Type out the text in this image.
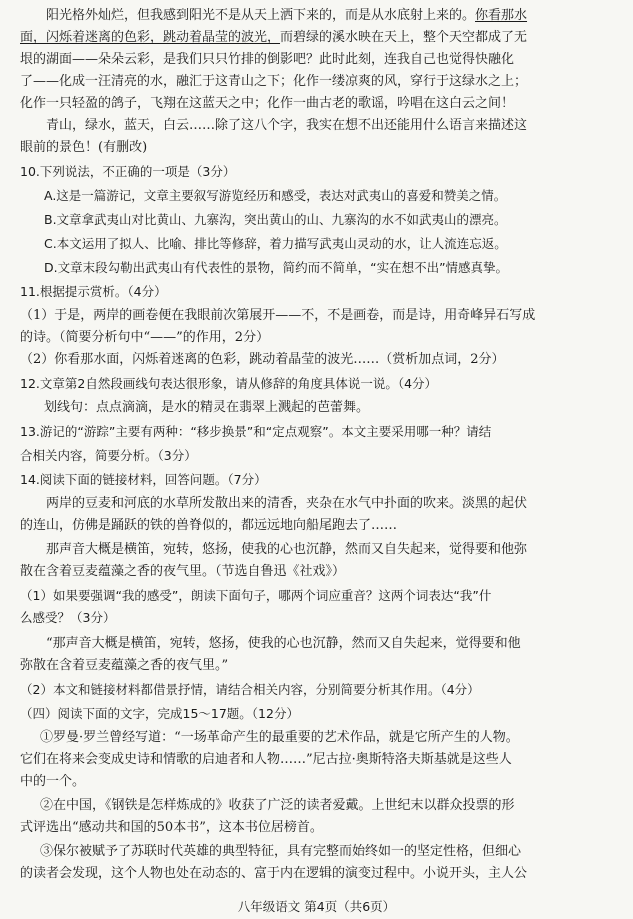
阳光格外灿烂，但我感到阳光不是从天上洒下来的，而是从水底射上来的。你看那水
面，闪烁着迷离的色彩，跳动着晶莹的波光，而碧绿的溪水映在天上，整个天空都成了无
垠的湖面——朵朵云彩，是我们只只竹排的倒影吧？此时此刻，连我自己也觉得快融化
了——化成一汪清亮的水，融汇于这青山之下；化作一缕凉爽的风，穿行于这绿水之上；
化作一只轻盈的鸽子，飞翔在这蓝天之中；化作一曲古老的歌谣，吟唱在这白云之间！
青山，绿水，蓝天，白云……除了这八个字，我实在想不出还能用什么语言来描述这
眼前的景色！(有删改)
10.下列说法，不正确的一项是（3分）
A.这是一篇游记，文章主要叙写游览经历和感受，表达对武夷山的喜爱和赞美之情。
B.文章拿武夷山对比黄山、九寨沟，突出黄山的山、九寨沟的水不如武夷山的漂亮。
C.本文运用了拟人、比喻、排比等修辞，着力描写武夷山灵动的水，让人流连忘返。
D.文章末段勾勒出武夷山有代表性的景物，简约而不简单，“实在想不出”情感真挚。
11.根据提示赏析。（4分）
（1）于是，两岸的画卷便在我眼前次第展开——不，不是画卷，而是诗，用奇峰异石写成
的诗。（简要分析句中“——”的作用，2分）
（2）你看那水面，闪烁着迷离的色彩，跳动着晶莹的波光……（赏析加点词，2分）
12.文章第2自然段画线句表达很形象，请从修辞的角度具体说一说。（4分）
划线句：点点滴滴，是水的精灵在翡翠上溅起的芭蕾舞。
13.游记的“游踪”主要有两种：“移步换景”和“定点观察”。本文主要采用哪一种？请结
合相关内容，简要分析。（3分）
14.阅读下面的链接材料，回答问题。（7分）
两岸的豆麦和河底的水草所发散出来的清香，夹杂在水气中扑面的吹来。淡黑的起伏
的连山，仿佛是踊跃的铁的兽脊似的，都远远地向船尾跑去了……
那声音大概是横笛，宛转，悠扬，使我的心也沉静，然而又自失起来，觉得要和他弥
散在含着豆麦蕴藻之香的夜气里。（节选自鲁迅《社戏》）
（1）如果要强调“我的感受”，朗读下面句子，哪两个词应重音？这两个词表达“我”什
么感受？（3分）
“那声音大概是横笛，宛转，悠扬，使我的心也沉静，然而又自失起来，觉得要和他
弥散在含着豆麦蕴藻之香的夜气里。”
（2）本文和链接材料都借景抒情，请结合相关内容，分别简要分析其作用。（4分）
（四）阅读下面的文字，完成15～17题。（12分）
①罗曼·罗兰曾经写道：“一场革命产生的最重要的艺术作品，就是它所产生的人物。
它们在将来会变成史诗和情歌的启迪者和人物……”尼古拉·奥斯特洛夫斯基就是这些人
中的一个。
②在中国，《钢铁是怎样炼成的》收获了广泛的读者爱戴。上世纪末以群众投票的形
式评选出“感动共和国的50本书”，这本书位居榜首。
③保尔被赋予了苏联时代英雄的典型特征，具有完整而始终如一的坚定性格，但细心
的读者会发现，这个人物也处在动态的、富于内在逻辑的演变过程中。小说开头，主人公
八年级语文 第4页（共6页）
